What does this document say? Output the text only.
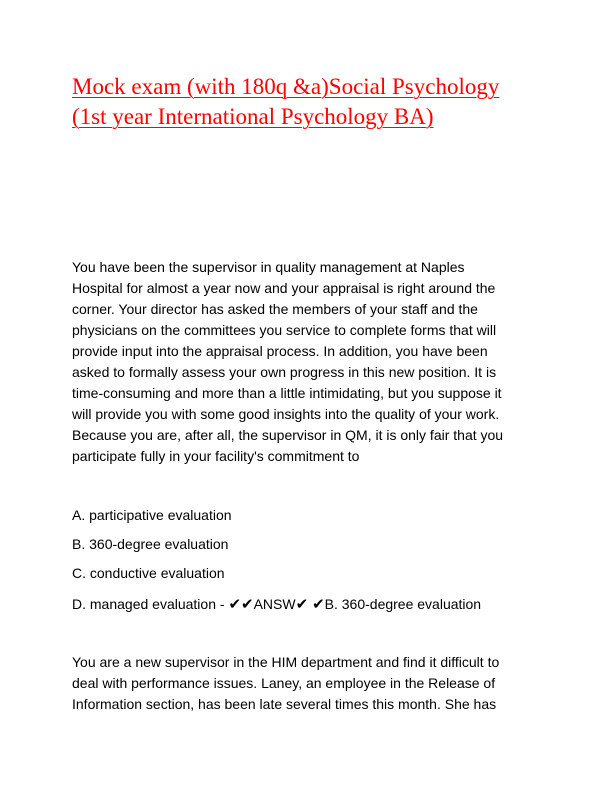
Mock exam (with 180q &a)Social Psychology
(1st year International Psychology BA)

You have been the supervisor in quality management at Naples
Hospital for almost a year now and your appraisal is right around the
corner. Your director has asked the members of your staff and the
physicians on the committees you service to complete forms that will
provide input into the appraisal process. In addition, you have been
asked to formally assess your own progress in this new position. It is
time-consuming and more than a little intimidating, but you suppose it
will provide you with some good insights into the quality of your work.
Because you are, after all, the supervisor in QM, it is only fair that you
participate fully in your facility's commitment to

A. participative evaluation

B. 360-degree evaluation

C. conductive evaluation

D. managed evaluation - ✔✔ANSW✔ ✔B. 360-degree evaluation

You are a new supervisor in the HIM department and find it difficult to
deal with performance issues. Laney, an employee in the Release of
Information section, has been late several times this month. She has
